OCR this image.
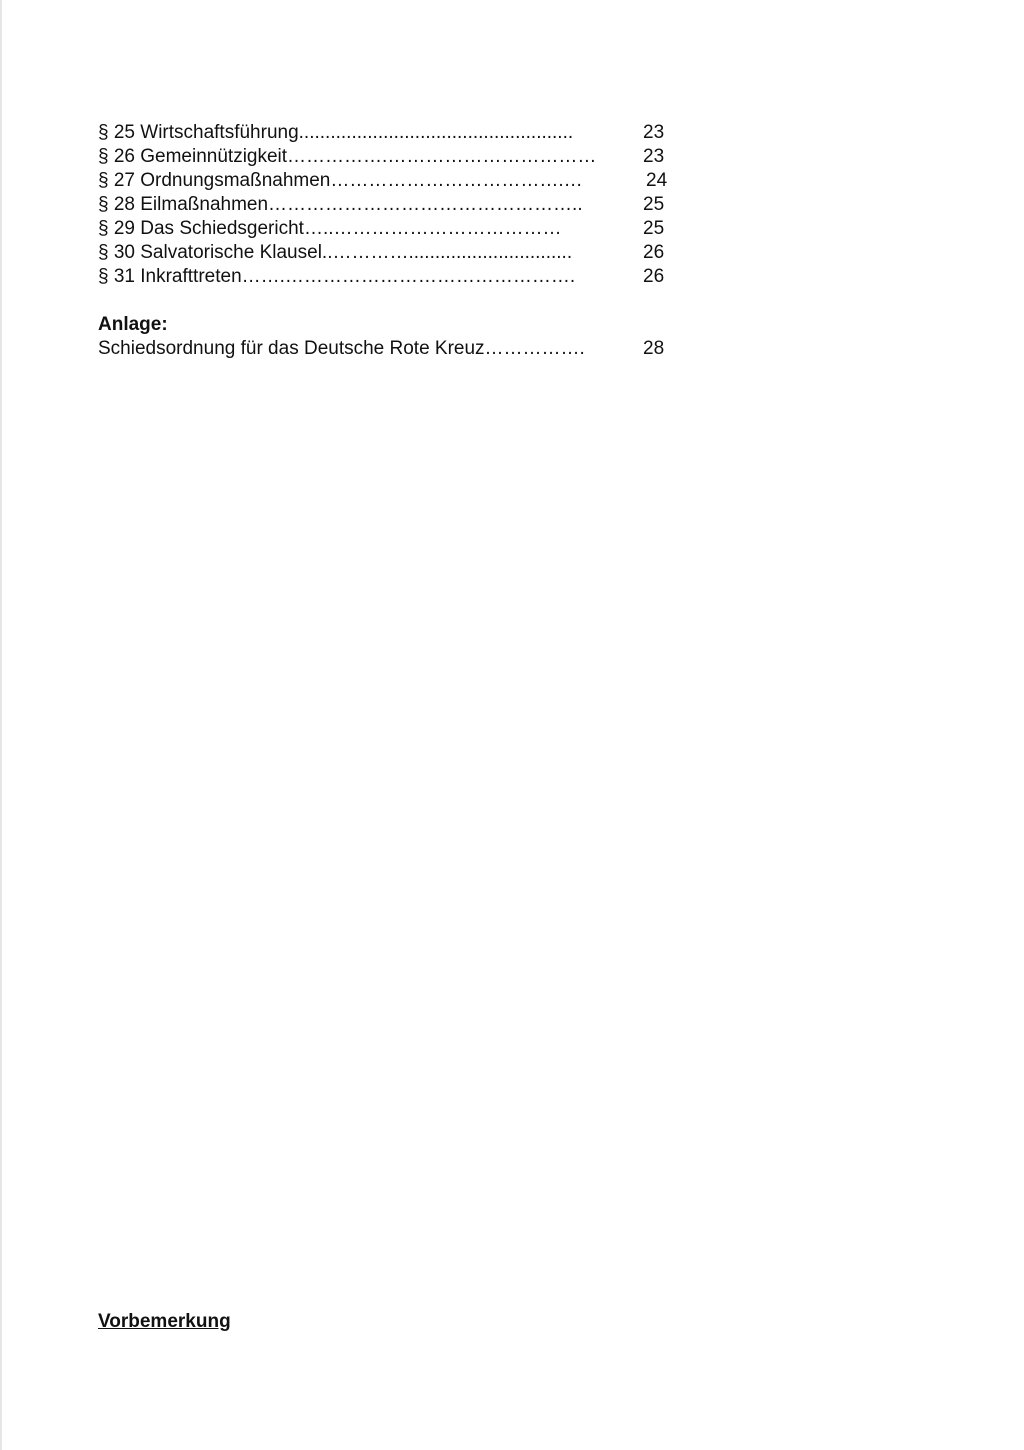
§ 25 Wirtschaftsführung....................................................	23
§ 26 Gemeinnützigkeit…………….…………………………… 23
§ 27 Ordnungsmaßnahmen……………………………….…	24
§ 28 Eilmaßnahmen…………………………………………..	25
§ 29 Das Schiedsgericht…..………………………………	25
§ 30 Salvatorische Klausel..…………...............................	26
§ 31 Inkrafttreten…….……………………………………….	26
Anlage:
Schiedsordnung für das Deutsche Rote Kreuz…………….	28
Vorbemerkung
